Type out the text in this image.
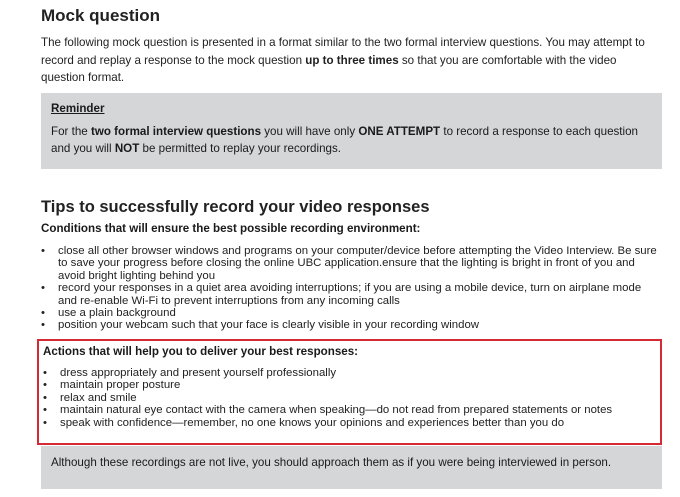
Mock question
The following mock question is presented in a format similar to the two formal interview questions. You may attempt to record and replay a response to the mock question up to three times so that you are comfortable with the video question format.
Reminder
For the two formal interview questions you will have only ONE ATTEMPT to record a response to each question and you will NOT be permitted to replay your recordings.
Tips to successfully record your video responses
Conditions that will ensure the best possible recording environment:
• close all other browser windows and programs on your computer/device before attempting the Video Interview. Be sure to save your progress before closing the online UBC application.ensure that the lighting is bright in front of you and avoid bright lighting behind you
• record your responses in a quiet area avoiding interruptions; if you are using a mobile device, turn on airplane mode and re-enable Wi-Fi to prevent interruptions from any incoming calls
• use a plain background
• position your webcam such that your face is clearly visible in your recording window
Actions that will help you to deliver your best responses:
• dress appropriately and present yourself professionally
• maintain proper posture
• relax and smile
• maintain natural eye contact with the camera when speaking—do not read from prepared statements or notes
• speak with confidence—remember, no one knows your opinions and experiences better than you do
Although these recordings are not live, you should approach them as if you were being interviewed in person.
